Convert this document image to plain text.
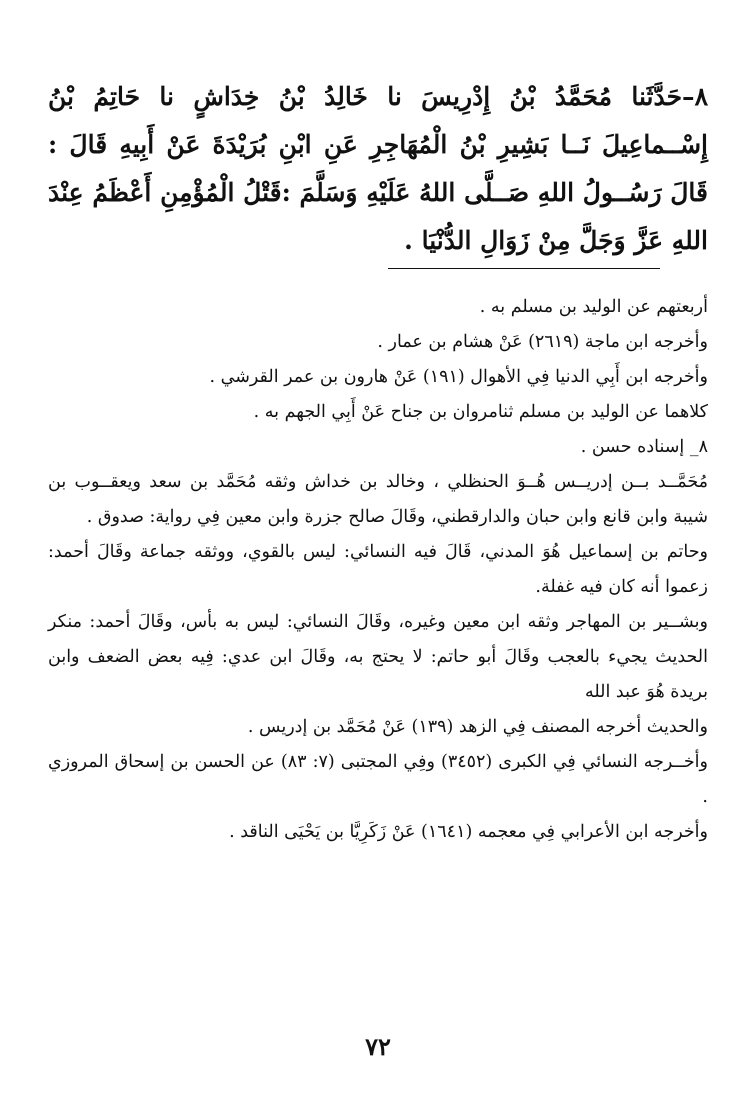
٨–حَدَّثَنا مُحَمَّدُ بْنُ إِدْرِيسَ نا خَالِدُ بْنُ خِدَاشٍ نا حَاتِمُ بْنُ إِسْــماعِيلَ نَــا بَشِيرِ بْنُ الْمُهَاجِرِ عَنِ ابْنِ بُرَيْدَةَ عَنْ أَبِيهِ قَالَ : قَالَ رَسُــولُ اللهِ صَــلَّى اللهُ عَلَيْهِ وَسَلَّمَ :قَتْلُ الْمُؤْمِنِ أَعْظَمُ عِنْدَ اللهِ عَزَّ وَجَلَّ مِنْ زَوَالِ الدُّنْيَا .

أربعتهم عن الوليد بن مسلم به .

وأخرجه ابن ماجة (٢٦١٩) عَنْ هشام بن عمار .

وأخرجه ابن أَبِي الدنيا فِي الأهوال (١٩١) عَنْ هارون بن عمر القرشي .

كلاهما عن الوليد بن مسلم ثنامروان بن جناح عَنْ أَبِي الجهم به .

٨_ إسناده حسن .

مُحَمَّــد بــن إدريــس هُــوَ الحنظلي ، وخالد بن خداش وثقه مُحَمَّد بن سعد ويعقــوب بن شيبة وابن قانع وابن حبان والدارقطني، وقَالَ صالح جزرة وابن معين فِي رواية: صدوق .

وحاتم بن إسماعيل هُوَ المدني، قَالَ فيه النسائي: ليس بالقوي، ووثقه جماعة وقَالَ أحمد: زعموا أنه كان فيه غفلة.

وبشــير بن المهاجر وثقه ابن معين وغيره، وقَالَ النسائي: ليس به بأس، وقَالَ أحمد: منكر الحديث يجيء بالعجب وقَالَ أبو حاتم: لا يحتج به، وقَالَ ابن عدي: فِيه بعض الضعف وابن بريدة هُوَ عبد الله

والحديث أخرجه المصنف فِي الزهد (١٣٩) عَنْ مُحَمَّد بن إدريس .

وأخــرجه النسائي فِي الكبرى (٣٤٥٢) وفِي المجتبى (٧: ٨٣) عن الحسن بن إسحاق المروزي .

وأخرجه ابن الأعرابي فِي معجمه (١٦٤١) عَنْ زَكَرِيَّا بن يَحْيَى الناقد .

٧٢
